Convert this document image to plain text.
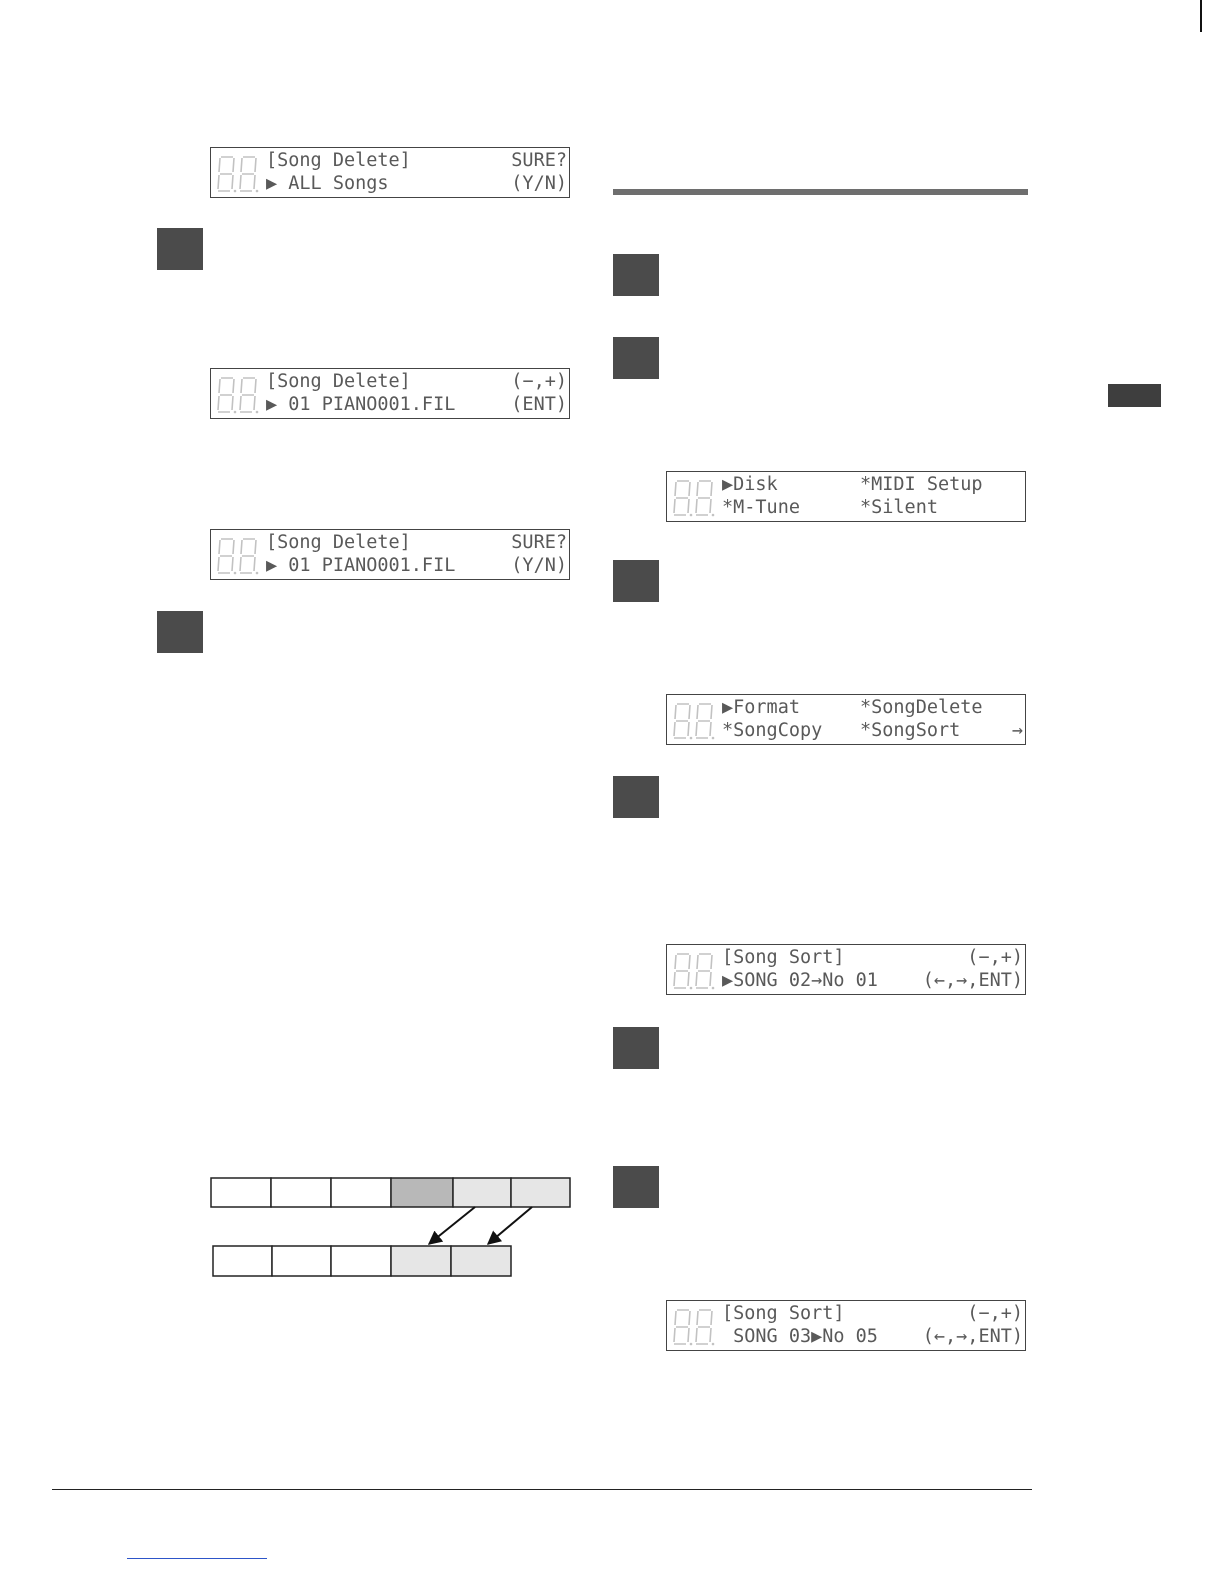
[Song Delete]	SURE?
▶ ALL Songs	(Y/N)
[Song Delete]	(−,+)
▶ 01 PIANO001.FIL	(ENT)
[Song Delete]	SURE?
▶ 01 PIANO001.FIL	(Y/N)
▶Disk	*MIDI Setup
*M-Tune	*Silent
▶Format	*SongDelete
*SongCopy *SongSort	→
[Song Sort]	(−,+)
▶SONG 02→No 01 (←,→,ENT)
[Song Sort]	(−,+)
SONG 03▶No 05 (←,→,ENT)
